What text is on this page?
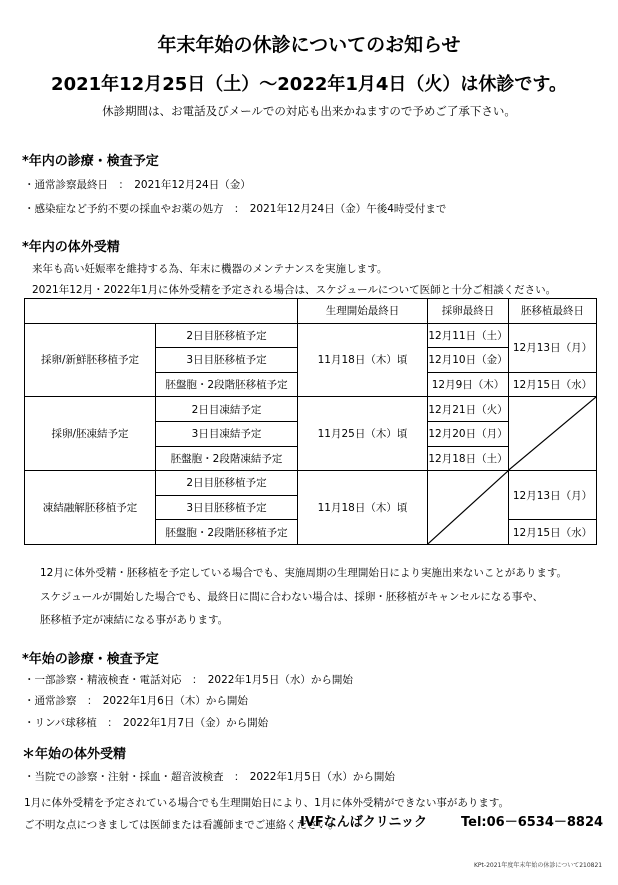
年末年始の休診についてのお知らせ
2021年12月25日（土）～2022年1月4日（火）は休診です。
休診期間は、お電話及びメールでの対応も出来かねますので予めご了承下さい。
*年内の診療・検査予定
・通常診察最終日　：　2021年12月24日（金）
・感染症など予約不要の採血やお薬の処方　：　2021年12月24日（金）午後4時受付まで
*年内の体外受精
来年も高い妊娠率を維持する為、年末に機器のメンテナンスを実施します。
2021年12月・2022年1月に体外受精を予定される場合は、スケジュールについて医師と十分ご相談ください。
		生理開始最終日	採卵最終日	胚移植最終日
採卵/新鮮胚移植予定	2日目胚移植予定	11月18日（木）頃	12月11日（土）	12月13日（月）
	3日目胚移植予定		12月10日（金）	
	胚盤胞・2段階胚移植予定		12月9日（木）	12月15日（水）
採卵/胚凍結予定	2日目凍結予定	11月25日（木）頃	12月21日（火）	

	3日目凍結予定		12月20日（月）	
	胚盤胞・2段階凍結予定		12月18日（土）	
凍結融解胚移植予定	2日目胚移植予定	11月18日（木）頃		12月13日（月）
	3日目胚移植予定			
	胚盤胞・2段階胚移植予定			12月15日（水）
12月に体外受精・胚移植を予定している場合でも、実施周期の生理開始日により実施出来ないことがあります。
スケジュールが開始した場合でも、最終日に間に合わない場合は、採卵・胚移植がキャンセルになる事や、
胚移植予定が凍結になる事があります。
*年始の診療・検査予定
・一部診察・精液検査・電話対応　：　2022年1月5日（水）から開始
・通常診察　：　2022年1月6日（木）から開始
・リンパ球移植　：　2022年1月7日（金）から開始
＊年始の体外受精
・当院での診察・注射・採血・超音波検査　：　2022年1月5日（水）から開始
1月に体外受精を予定されている場合でも生理開始日により、1月に体外受精ができない事があります。
ご不明な点につきましては医師または看護師までご連絡ください。
IVFなんばクリニック	Tel:06－6534－8824
KPt-2021年度年末年始の休診について210821
